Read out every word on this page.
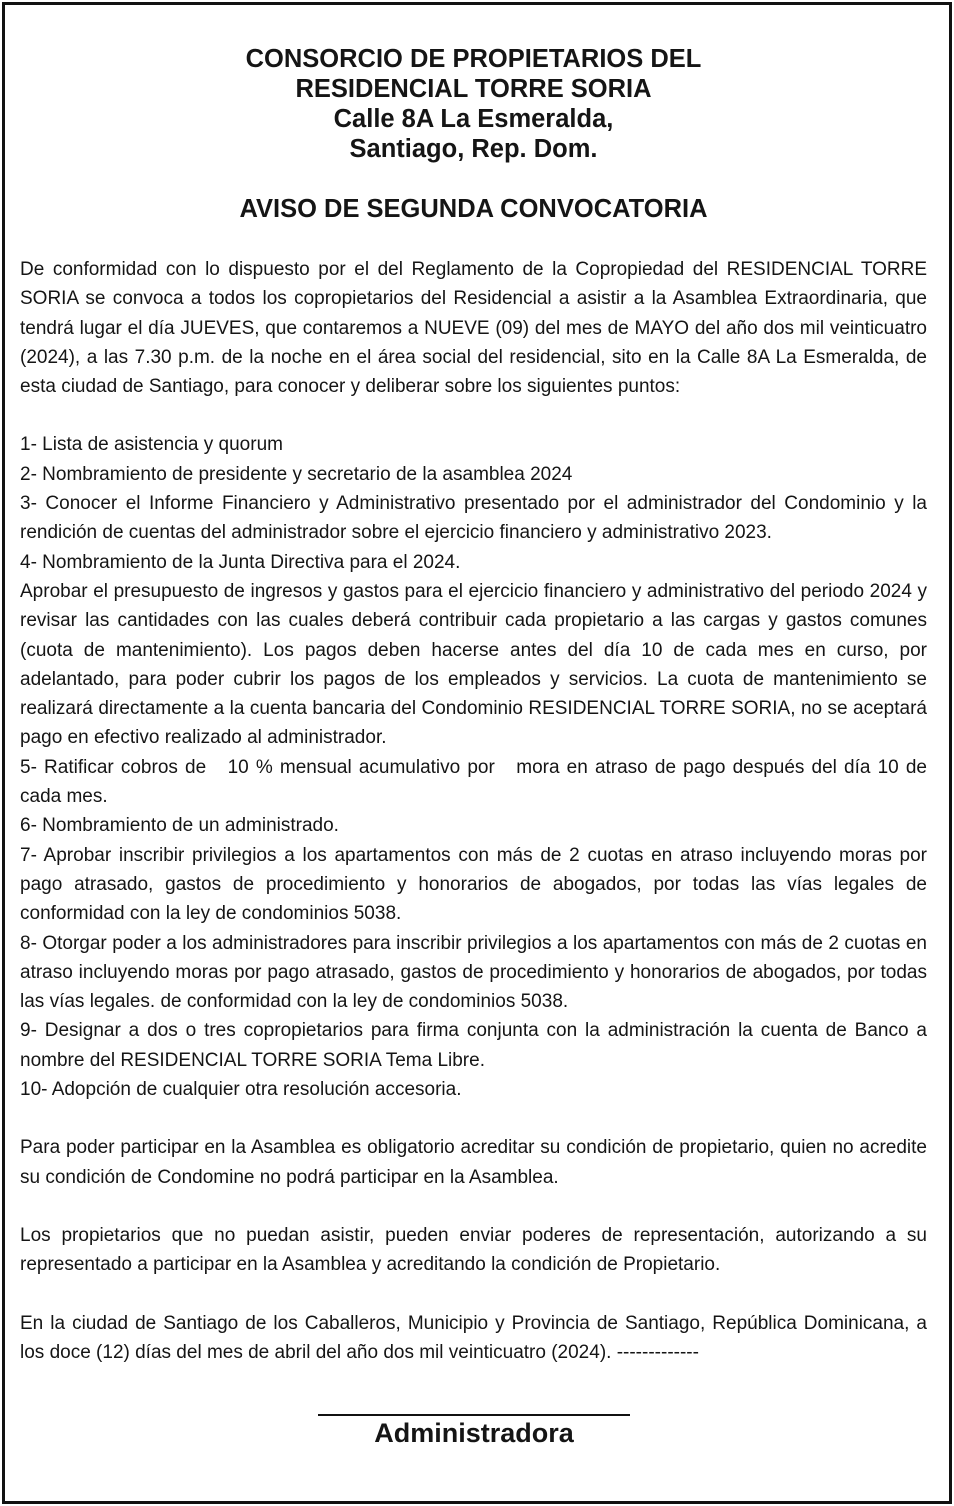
CONSORCIO DE PROPIETARIOS DEL
RESIDENCIAL TORRE SORIA
Calle 8A La Esmeralda,
Santiago, Rep. Dom.
AVISO DE SEGUNDA CONVOCATORIA

De conformidad con lo dispuesto por el del Reglamento de la Copropiedad del RESIDENCIAL TORRE SORIA se convoca a todos los copropietarios del Residencial a asistir a la Asamblea Extraordinaria, que tendrá lugar el día JUEVES, que contaremos a NUEVE (09) del mes de MAYO del año dos mil veinticuatro (2024), a las 7.30 p.m. de la noche en el área social del residencial, sito en la Calle 8A La Esmeralda, de esta ciudad de Santiago, para conocer y deliberar sobre los siguientes puntos:

1- Lista de asistencia y quorum

2- Nombramiento de presidente y secretario de la asamblea 2024

3- Conocer el Informe Financiero y Administrativo presentado por el administrador del Condominio y la rendición de cuentas del administrador sobre el ejercicio financiero y administrativo 2023.

4- Nombramiento de la Junta Directiva para el 2024.

Aprobar el presupuesto de ingresos y gastos para el ejercicio financiero y administrativo del periodo 2024 y revisar las cantidades con las cuales deberá contribuir cada propietario a las cargas y gastos comunes (cuota de mantenimiento). Los pagos deben hacerse antes del día 10 de cada mes en curso, por adelantado, para poder cubrir los pagos de los empleados y servicios. La cuota de mantenimiento se realizará directamente a la cuenta bancaria del Condominio RESIDENCIAL TORRE SORIA, no se aceptará pago en efectivo realizado al administrador.

5- Ratificar cobros de   10 % mensual acumulativo por   mora en atraso de pago después del día 10 de cada mes.

6- Nombramiento de un administrado.

7- Aprobar inscribir privilegios a los apartamentos con más de 2 cuotas en atraso incluyendo moras por pago atrasado, gastos de procedimiento y honorarios de abogados, por todas las vías legales de conformidad con la ley de condominios 5038.

8- Otorgar poder a los administradores para inscribir privilegios a los apartamentos con más de 2 cuotas en atraso incluyendo moras por pago atrasado, gastos de procedimiento y honorarios de abogados, por todas las vías legales. de conformidad con la ley de condominios 5038.

9- Designar a dos o tres copropietarios para firma conjunta con la administración la cuenta de Banco a nombre del RESIDENCIAL TORRE SORIA Tema Libre.

10- Adopción de cualquier otra resolución accesoria.

Para poder participar en la Asamblea es obligatorio acreditar su condición de propietario, quien no acredite su condición de Condomine no podrá participar en la Asamblea.

Los propietarios que no puedan asistir, pueden enviar poderes de representación, autorizando a su representado a participar en la Asamblea y acreditando la condición de Propietario.

En la ciudad de Santiago de los Caballeros, Municipio y Provincia de Santiago, República Dominicana, a los doce (12) días del mes de abril del año dos mil veinticuatro (2024). -------------

Administradora
